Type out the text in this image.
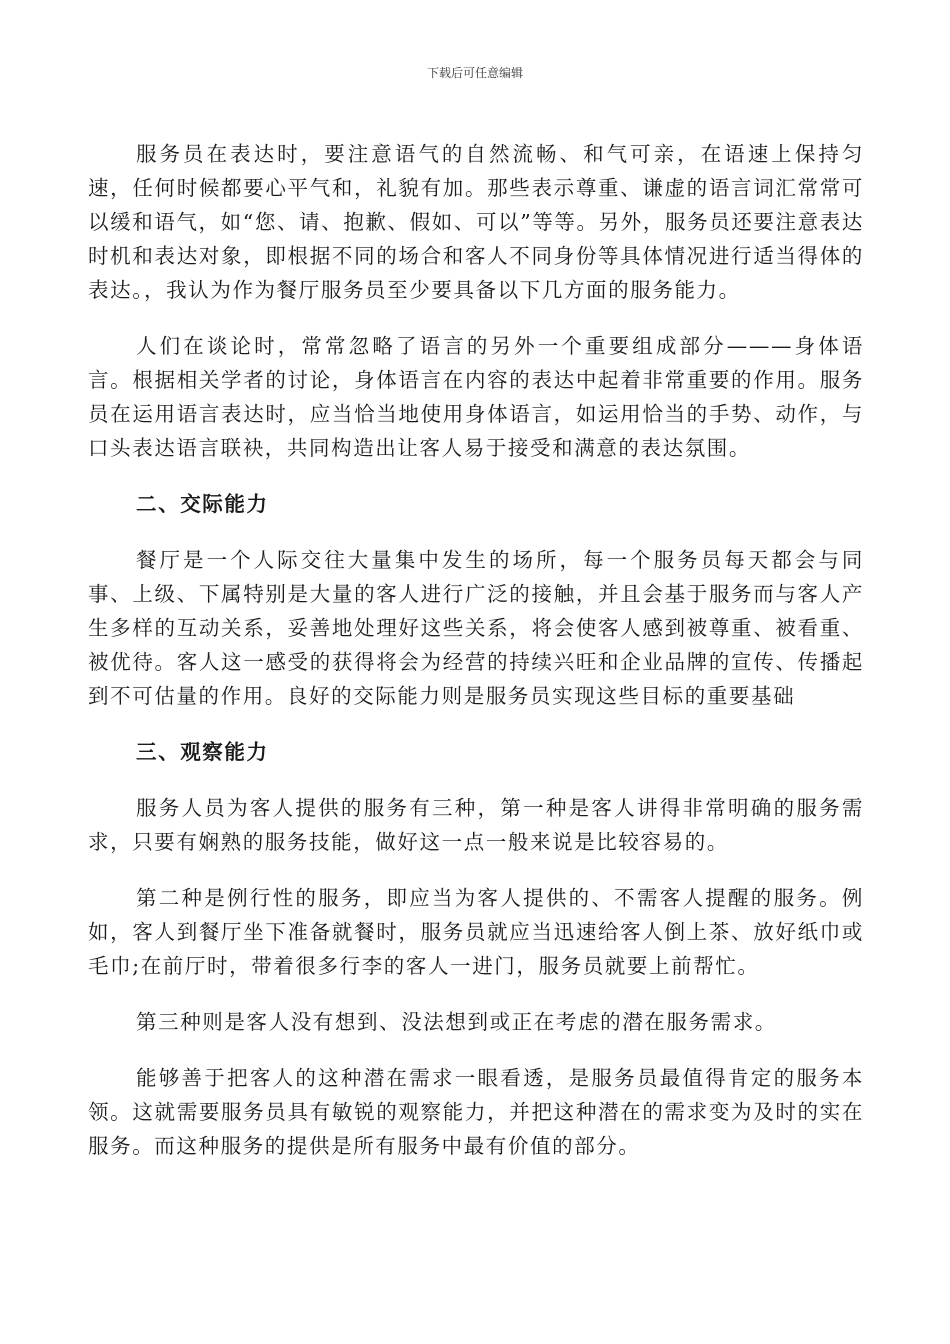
下载后可任意编辑

服务员在表达时，要注意语气的自然流畅、和气可亲，在语速上保持匀速，任何时候都要心平气和，礼貌有加。那些表示尊重、谦虚的语言词汇常常可以缓和语气，如“您、请、抱歉、假如、可以”等等。另外，服务员还要注意表达时机和表达对象，即根据不同的场合和客人不同身份等具体情况进行适当得体的表达。，我认为作为餐厅服务员至少要具备以下几方面的服务能力。

人们在谈论时，常常忽略了语言的另外一个重要组成部分———身体语言。根据相关学者的讨论，身体语言在内容的表达中起着非常重要的作用。服务员在运用语言表达时，应当恰当地使用身体语言，如运用恰当的手势、动作，与口头表达语言联袂，共同构造出让客人易于接受和满意的表达氛围。

二、交际能力

餐厅是一个人际交往大量集中发生的场所，每一个服务员每天都会与同事、上级、下属特别是大量的客人进行广泛的接触，并且会基于服务而与客人产生多样的互动关系，妥善地处理好这些关系，将会使客人感到被尊重、被看重、被优待。客人这一感受的获得将会为经营的持续兴旺和企业品牌的宣传、传播起到不可估量的作用。良好的交际能力则是服务员实现这些目标的重要基础

三、观察能力

服务人员为客人提供的服务有三种，第一种是客人讲得非常明确的服务需求，只要有娴熟的服务技能，做好这一点一般来说是比较容易的。

第二种是例行性的服务，即应当为客人提供的、不需客人提醒的服务。例如，客人到餐厅坐下准备就餐时，服务员就应当迅速给客人倒上茶、放好纸巾或毛巾;在前厅时，带着很多行李的客人一进门，服务员就要上前帮忙。

第三种则是客人没有想到、没法想到或正在考虑的潜在服务需求。

能够善于把客人的这种潜在需求一眼看透，是服务员最值得肯定的服务本领。这就需要服务员具有敏锐的观察能力，并把这种潜在的需求变为及时的实在服务。而这种服务的提供是所有服务中最有价值的部分。
